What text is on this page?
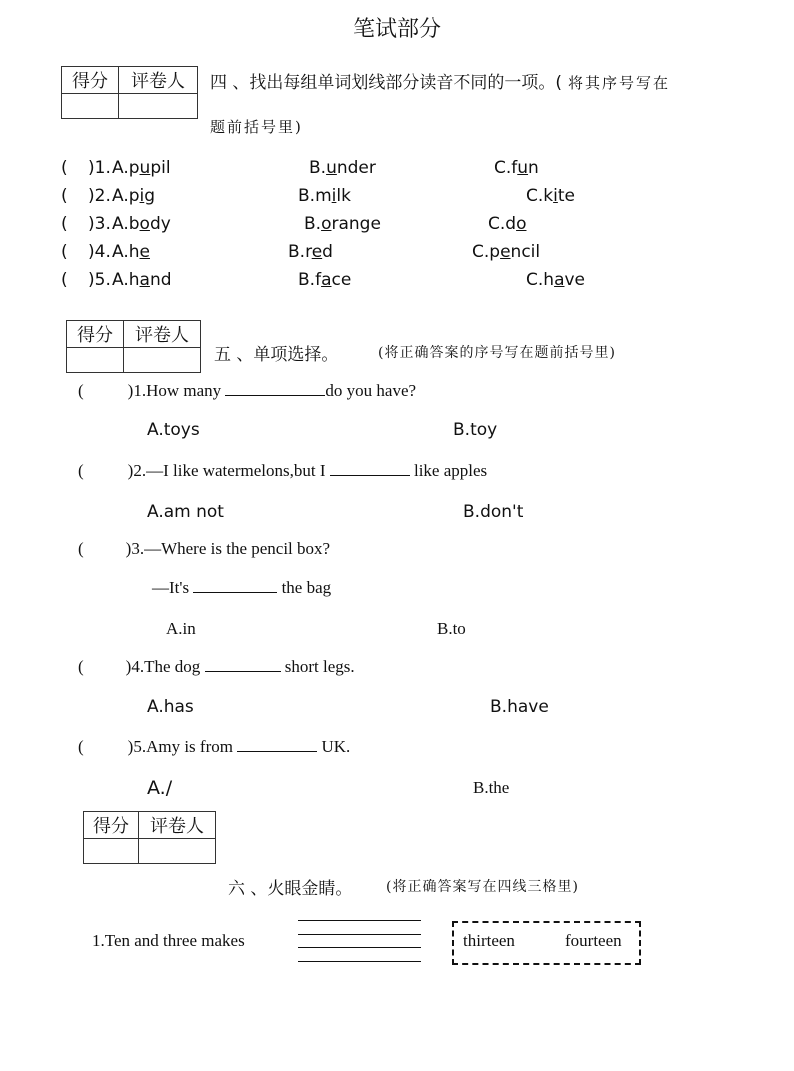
笔试部分
得分	评卷人
	四 、找出每组单词划线部分读音不同的一项。( 将其序号写在
题前括号里)
( )1. A.pupil	B.under	C.fun
( )2. A.pig	B.milk	C.kite
( )3. A.body	B.orange	C.do
( )4. A.he	B.red	C.pencil
( )5. A.hand	B.face	C.have
得分	评卷人

五 、单项选择。	(将正确答案的序号写在题前括号里)
(	)1.How many	do you have?
A.toys	B.toy
(	)2.—I like watermelons,but I	like apples
A.am not	B.don't
( )3.—Where is the pencil box?
—It's	the bag
A.in	B.to
( )4.The dog	short legs.
A.has	B.have
(	)5.Amy is from	UK.
A./	B.the
得分	评卷人

六 、火眼金睛。 (将正确答案写在四线三格里)
1.Ten and three makes	thirteen	fourteen
